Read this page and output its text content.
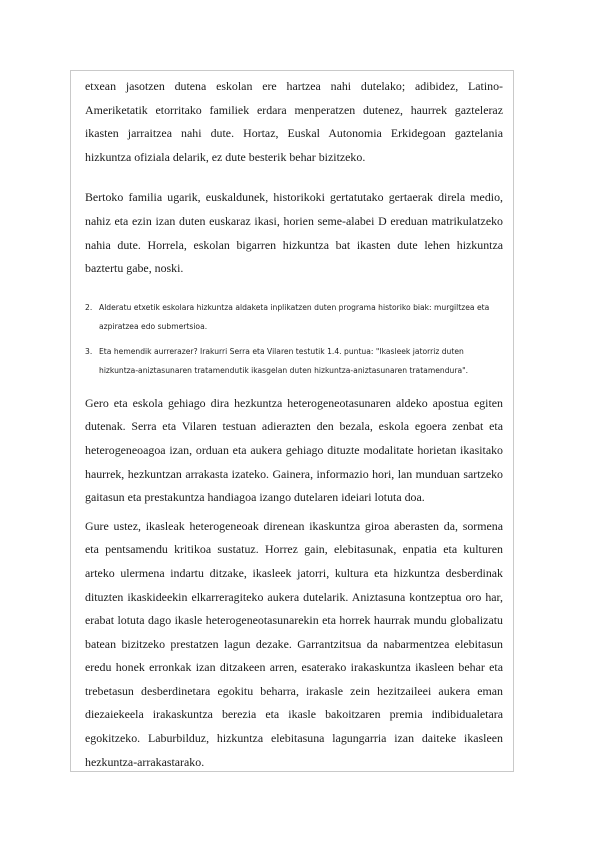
etxean jasotzen dutena eskolan ere hartzea nahi dutelako; adibidez, Latino-Ameriketatik etorritako familiek erdara menperatzen dutenez, haurrek gazteleraz ikasten jarraitzea nahi dute. Hortaz, Euskal Autonomia Erkidegoan gaztelania hizkuntza ofiziala delarik, ez dute besterik behar bizitzeko.

Bertoko familia ugarik, euskaldunek, historikoki gertatutako gertaerak direla medio, nahiz eta ezin izan duten euskaraz ikasi, horien seme-alabei D ereduan matrikulatzeko nahia dute. Horrela, eskolan bigarren hizkuntza bat ikasten dute lehen hizkuntza baztertu gabe, noski.

2. Alderatu etxetik eskolara hizkuntza aldaketa inplikatzen duten programa historiko biak: murgiltzea eta azpiratzea edo submertsioa.
3. Eta hemendik aurrerazer? Irakurri Serra eta Vilaren testutik 1.4. puntua: "Ikasleek jatorriz duten hizkuntza-aniztasunaren tratamendutik ikasgelan duten hizkuntza-aniztasunaren tratamendura".

Gero eta eskola gehiago dira hezkuntza heterogeneotasunaren aldeko apostua egiten dutenak. Serra eta Vilaren testuan adierazten den bezala, eskola egoera zenbat eta heterogeneoagoa izan, orduan eta aukera gehiago dituzte modalitate horietan ikasitako haurrek, hezkuntzan arrakasta izateko. Gainera, informazio hori, lan munduan sartzeko gaitasun eta prestakuntza handiagoa izango dutelaren ideiari lotuta doa.

Gure ustez, ikasleak heterogeneoak direnean ikaskuntza giroa aberasten da, sormena eta pentsamendu kritikoa sustatuz. Horrez gain, elebitasunak, enpatia eta kulturen arteko ulermena indartu ditzake, ikasleek jatorri, kultura eta hizkuntza desberdinak dituzten ikaskideekin elkarreragiteko aukera dutelarik. Aniztasuna kontzeptua oro har, erabat lotuta dago ikasle heterogeneotasunarekin eta horrek haurrak mundu globalizatu batean bizitzeko prestatzen lagun dezake. Garrantzitsua da nabarmentzea elebitasun eredu honek erronkak izan ditzakeen arren, esaterako irakaskuntza ikasleen behar eta trebetasun desberdinetara egokitu beharra, irakasle zein hezitzaileei aukera eman diezaiekeela irakaskuntza berezia eta ikasle bakoitzaren premia indibidualetara egokitzeko. Laburbilduz, hizkuntza elebitasuna lagungarria izan daiteke ikasleen hezkuntza-arrakastarako.
